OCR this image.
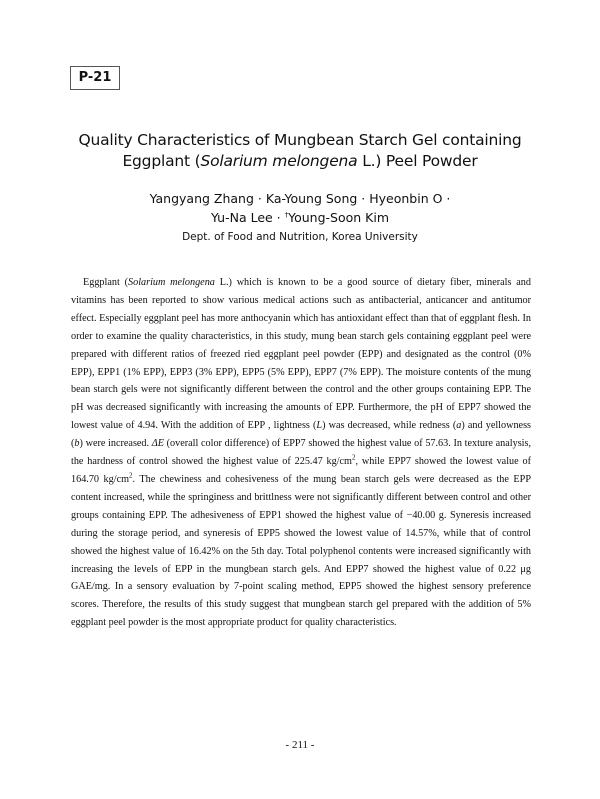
P-21
Quality Characteristics of Mungbean Starch Gel containing
Eggplant (Solarium melongena L.) Peel Powder
Yangyang Zhang · Ka-Young Song · Hyeonbin O ·
Yu-Na Lee · †Young-Soon Kim
Dept. of Food and Nutrition, Korea University
Eggplant (Solarium melongena L.) which is known to be a good source of dietary fiber, minerals and vitamins has been reported to show various medical actions such as antibacterial, anticancer and antitumor effect. Especially eggplant peel has more anthocyanin which has antioxidant effect than that of eggplant flesh. In order to examine the quality characteristics, in this study, mung bean starch gels containing eggplant peel were prepared with different ratios of freezed ried eggplant peel powder (EPP) and designated as the control (0% EPP), EPP1 (1% EPP), EPP3 (3% EPP), EPP5 (5% EPP), EPP7 (7% EPP). The moisture contents of the mung bean starch gels were not significantly different between the control and the other groups containing EPP. The pH was decreased significantly with increasing the amounts of EPP. Furthermore, the pH of EPP7 showed the lowest value of 4.94. With the addition of EPP , lightness (L) was decreased, while redness (a) and yellowness (b) were increased. ΔE (overall color difference) of EPP7 showed the highest value of 57.63. In texture analysis, the hardness of control showed the highest value of 225.47 $kg/cm^2$, while EPP7 showed the lowest value of 164.70 $kg/cm^2$. The chewiness and cohesiveness of the mung bean starch gels were decreased as the EPP content increased, while the springiness and brittlness were not significantly different between control and other groups containing EPP. The adhesiveness of EPP1 showed the highest value of −40.00 g. Syneresis increased during the storage period, and syneresis of EPP5 showed the lowest value of 14.57%, while that of control showed the highest value of 16.42% on the 5th day. Total polyphenol contents were increased significantly with increasing the levels of EPP in the mungbean starch gels. And EPP7 showed the highest value of 0.22 μg GAE/mg. In a sensory evaluation by 7-point scaling method, EPP5 showed the highest sensory preference scores. Therefore, the results of this study suggest that mungbean starch gel prepared with the addition of 5% eggplant peel powder is the most appropriate product for quality characteristics.
- 211 -
